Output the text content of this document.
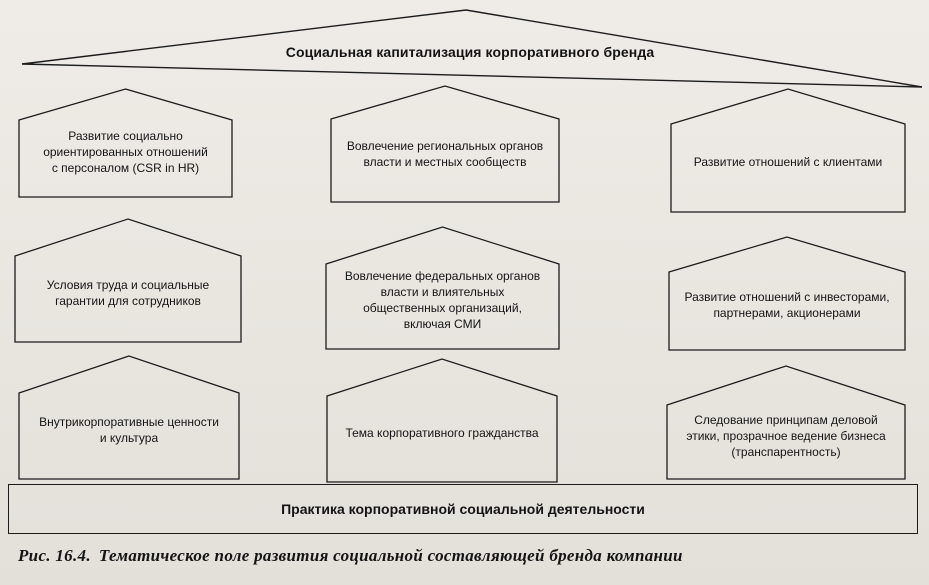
Социальная капитализация корпоративного бренда
Развитие социально
ориентированных отношений
с персоналом (CSR in HR)
Вовлечение региональных органов
власти и местных сообществ	Развитие отношений с клиентами
Условия труда и социальные
гарантии для сотрудников
Вовлечение федеральных органов
власти и влиятельных
общественных организаций,
включая СМИ
Развитие отношений с инвесторами,
партнерами, акционерами
Внутрикорпоративные ценности
и культура	Тема корпоративного гражданства
Следование принципам деловой
этики, прозрачное ведение бизнеса
(транспарентность)
Практика корпоративной социальной деятельности
Рис. 16.4. Тематическое поле развития социальной составляющей бренда компании
